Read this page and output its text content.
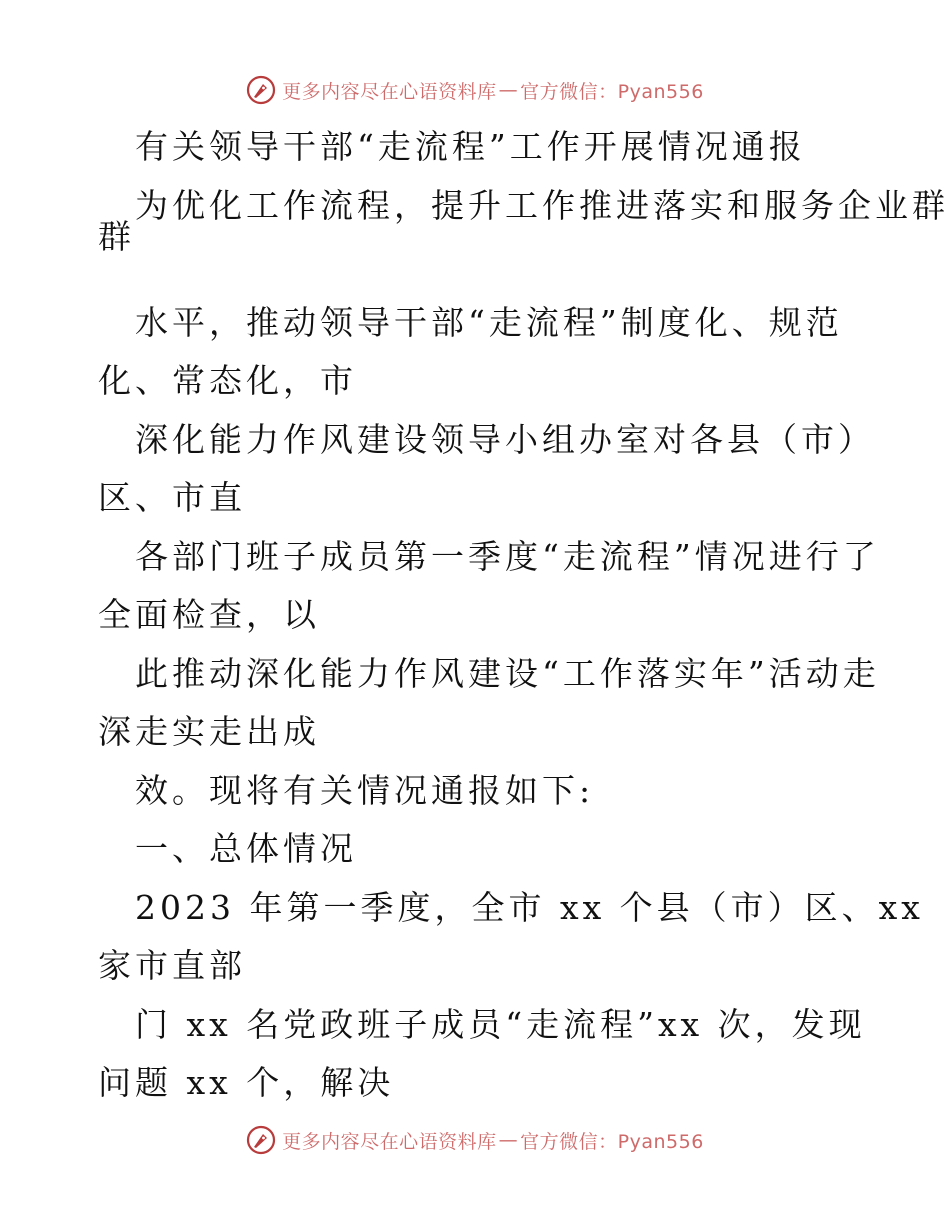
更多内容尽在心语资料库 — 官方微信：Pyan556
有关领导干部“走流程”工作开展情况通报
为优化工作流程，提升工作推进落实和服务企业群
群
水平，推动领导干部“走流程”制度化、规范
化、常态化，市
深化能力作风建设领导小组办室对各县（市）
区、市直
各部门班子成员第一季度“走流程”情况进行了
全面检查，以
此推动深化能力作风建设“工作落实年”活动走
深走实走出成
效。现将有关情况通报如下:
一、总体情况
2023 年第一季度，全市 xx 个县（市）区、xx
家市直部
门 xx 名党政班子成员“走流程”xx 次，发现
问题 xx 个，解决
更多内容尽在心语资料库 — 官方微信：Pyan556
